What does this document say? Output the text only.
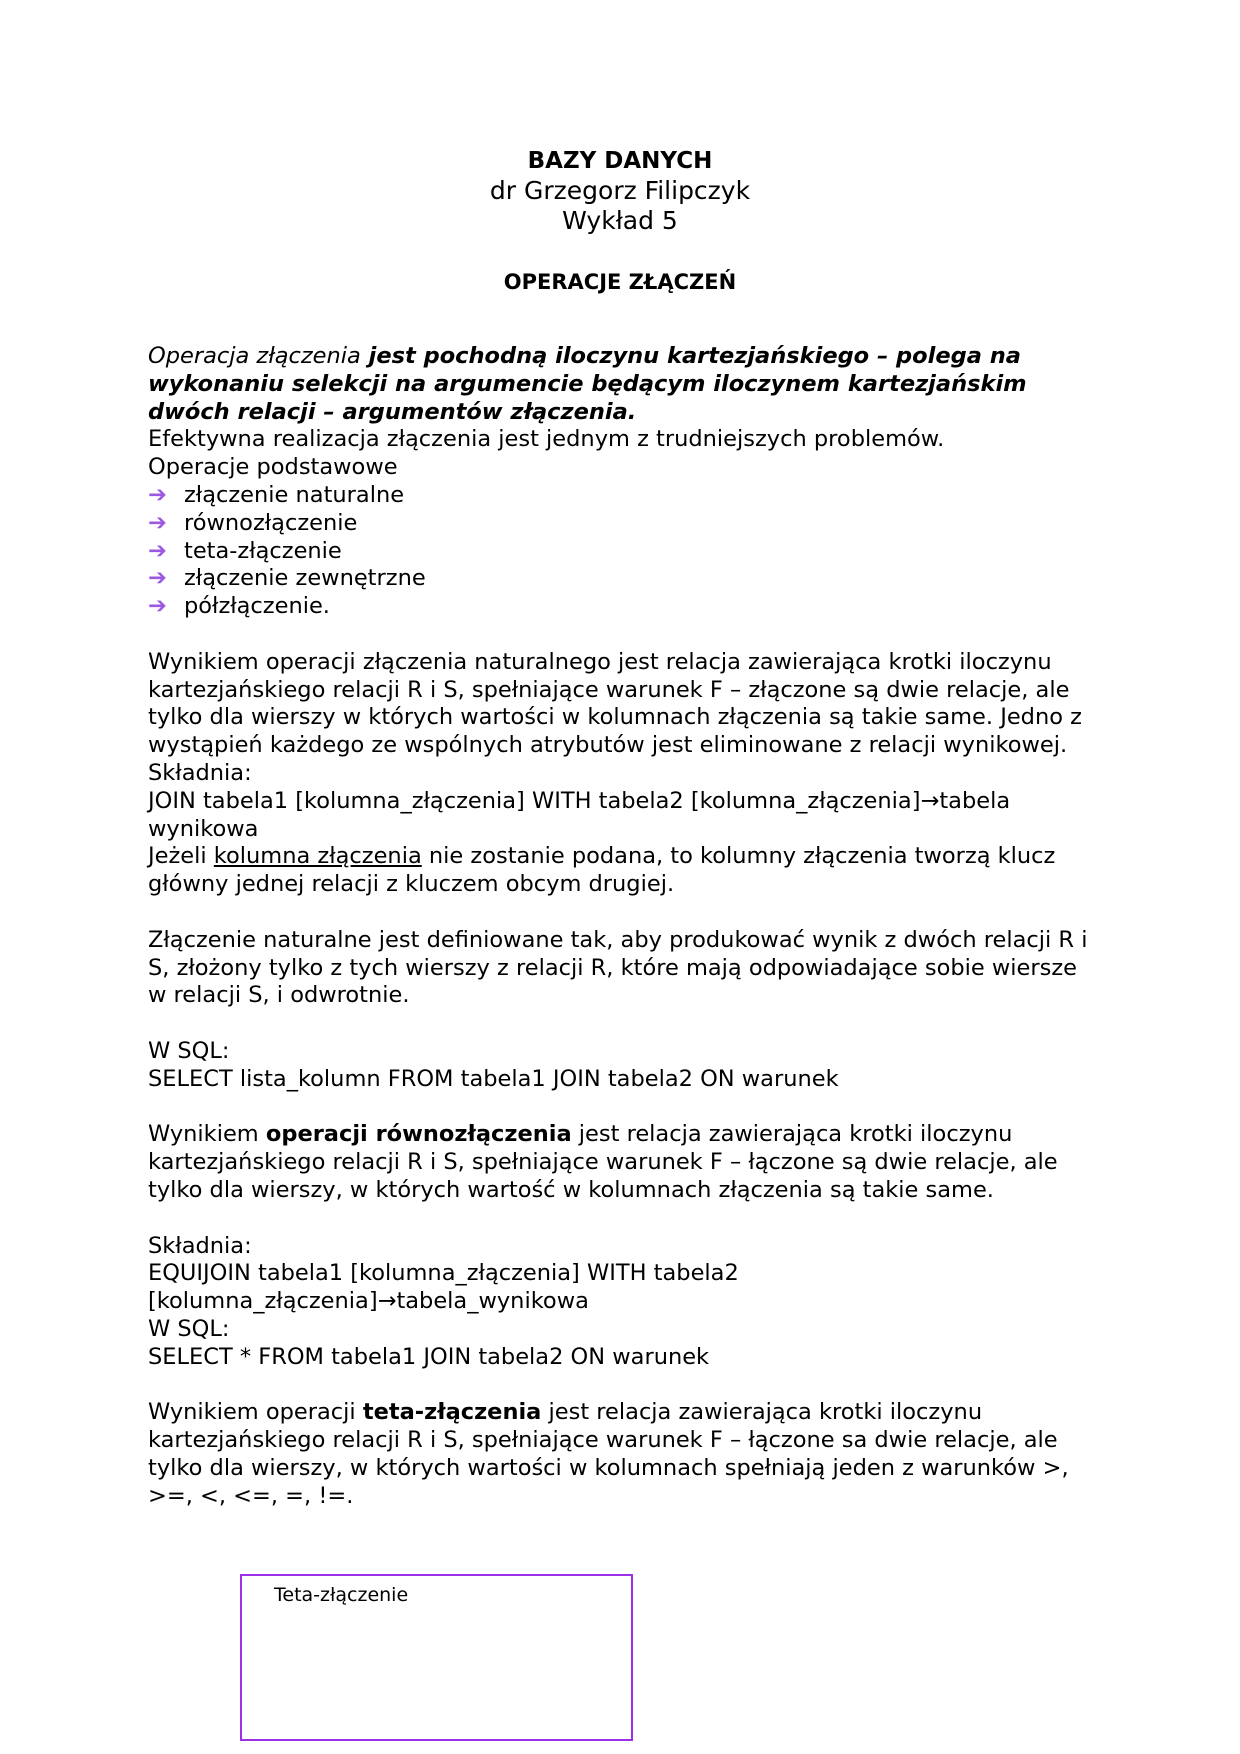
BAZY DANYCH
dr Grzegorz Filipczyk
Wykład 5
OPERACJE ZŁĄCZEŃ

Operacja złączenia jest pochodną iloczynu kartezjańskiego – polega na wykonaniu selekcji na argumencie będącym iloczynem kartezjańskim dwóch relacji – argumentów złączenia.

Efektywna realizacja złączenia jest jednym z trudniejszych problemów.

Operacje podstawowe

➔ złączenie naturalne
➔ równozłączenie
➔ teta-złączenie
➔ złączenie zewnętrzne
➔ półzłączenie.

Wynikiem operacji złączenia naturalnego jest relacja zawierająca krotki iloczynu kartezjańskiego relacji R i S, spełniające warunek F – złączone są dwie relacje, ale tylko dla wierszy w których wartości w kolumnach złączenia są takie same. Jedno z wystąpień każdego ze wspólnych atrybutów jest eliminowane z relacji wynikowej.

Składnia:

JOIN tabela1 [kolumna_złączenia] WITH tabela2 [kolumna_złączenia]→tabela wynikowa

Jeżeli kolumna złączenia nie zostanie podana, to kolumny złączenia tworzą klucz główny jednej relacji z kluczem obcym drugiej.

Złączenie naturalne jest definiowane tak, aby produkować wynik z dwóch relacji R i S, złożony tylko z tych wierszy z relacji R, które mają odpowiadające sobie wiersze w relacji S, i odwrotnie.

W SQL:

SELECT lista_kolumn FROM tabela1 JOIN tabela2 ON warunek

Wynikiem operacji równozłączenia jest relacja zawierająca krotki iloczynu kartezjańskiego relacji R i S, spełniające warunek F – łączone są dwie relacje, ale tylko dla wierszy, w których wartość w kolumnach złączenia są takie same.

Składnia:

EQUIJOIN tabela1 [kolumna_złączenia] WITH tabela2 [kolumna_złączenia]→tabela_wynikowa

W SQL:

SELECT * FROM tabela1 JOIN tabela2 ON warunek

Wynikiem operacji teta-złączenia jest relacja zawierająca krotki iloczynu kartezjańskiego relacji R i S, spełniające warunek F – łączone sa dwie relacje, ale tylko dla wierszy, w których wartości w kolumnach spełniają jeden z warunków >, >=, <, <=, =, !=.

Teta-złączenie
